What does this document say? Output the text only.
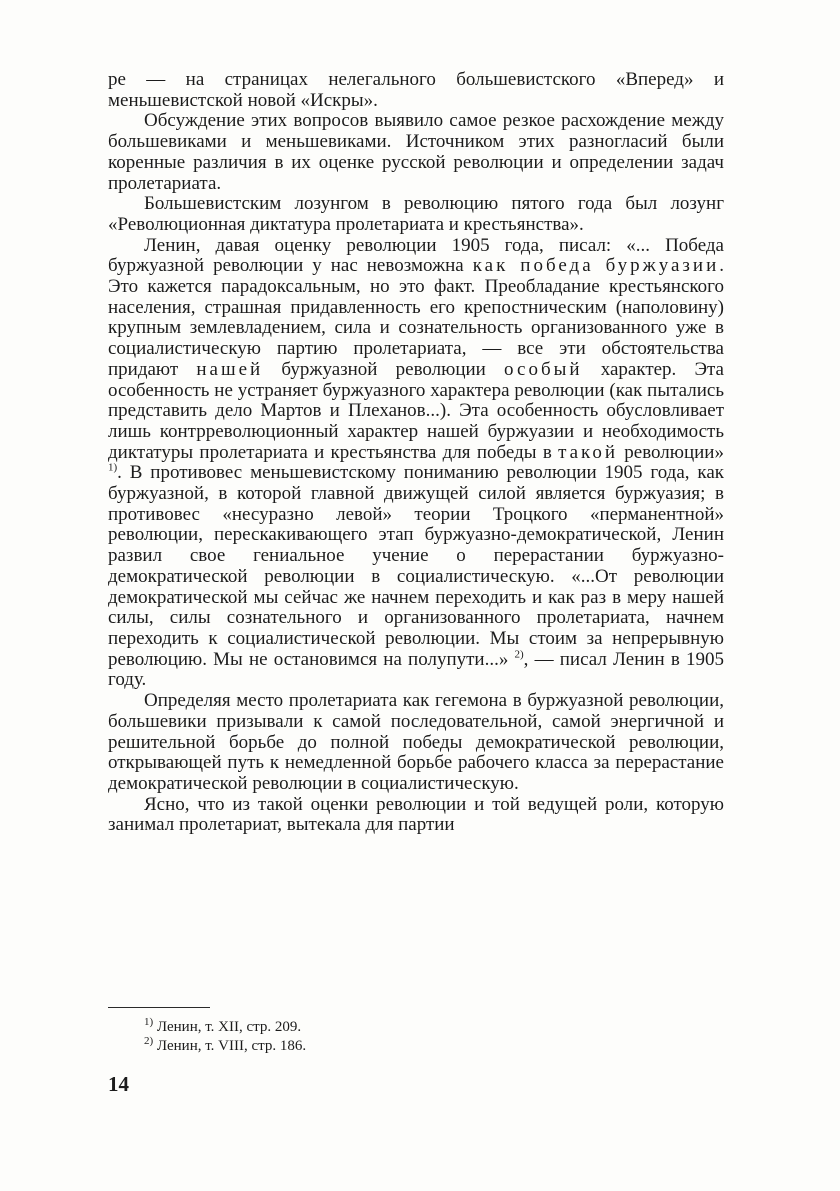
ре — на страницах нелегального большевистского «Вперед» и меньшевистской новой «Искры».

Обсуждение этих вопросов выявило самое резкое расхождение между большевиками и меньшевиками. Источником этих разногласий были коренные различия в их оценке русской революции и определении задач пролетариата.

Большевистским лозунгом в революцию пятого года был лозунг «Революционная диктатура пролетариата и крестьянства».

Ленин, давая оценку революции 1905 года, писал: «... Победа буржуазной революции у нас невозможна как победа буржуазии. Это кажется парадоксальным, но это факт. Преобладание крестьянского населения, страшная придавленность его крепостническим (наполовину) крупным землевладением, сила и сознательность организованного уже в социалистическую партию пролетариата, — все эти обстоятельства придают нашей буржуазной революции особый характер. Эта особенность не устраняет буржуазного характера революции (как пытались представить дело Мартов и Плеханов...). Эта особенность обусловливает лишь контрреволюционный характер нашей буржуазии и необходимость диктатуры пролетариата и крестьянства для победы в такой революции» $^{1)}$. В противовес меньшевистскому пониманию революции 1905 года, как буржуазной, в которой главной движущей силой является буржуазия; в противовес «несуразно левой» теории Троцкого «перманентной» революции, перескакивающего этап буржуазно-демократической, Ленин развил свое гениальное учение о перерастании буржуазно-демократической революции в социалистическую. «...От революции демократической мы сейчас же начнем переходить и как раз в меру нашей силы, силы сознательного и организованного пролетариата, начнем переходить к социалистической революции. Мы стоим за непрерывную революцию. Мы не остановимся на полупути...» $^{2)}$, — писал Ленин в 1905 году.

Определяя место пролетариата как гегемона в буржуазной революции, большевики призывали к самой последовательной, самой энергичной и решительной борьбе до полной победы демократической революции, открывающей путь к немедленной борьбе рабочего класса за перерастание демократической революции в социалистическую.

Ясно, что из такой оценки революции и той ведущей роли, которую занимал пролетариат, вытекала для партии

$^{1)}$ Ленин, т. XII, стр. 209.
$^{2)}$ Ленин, т. VIII, стр. 186.
14
